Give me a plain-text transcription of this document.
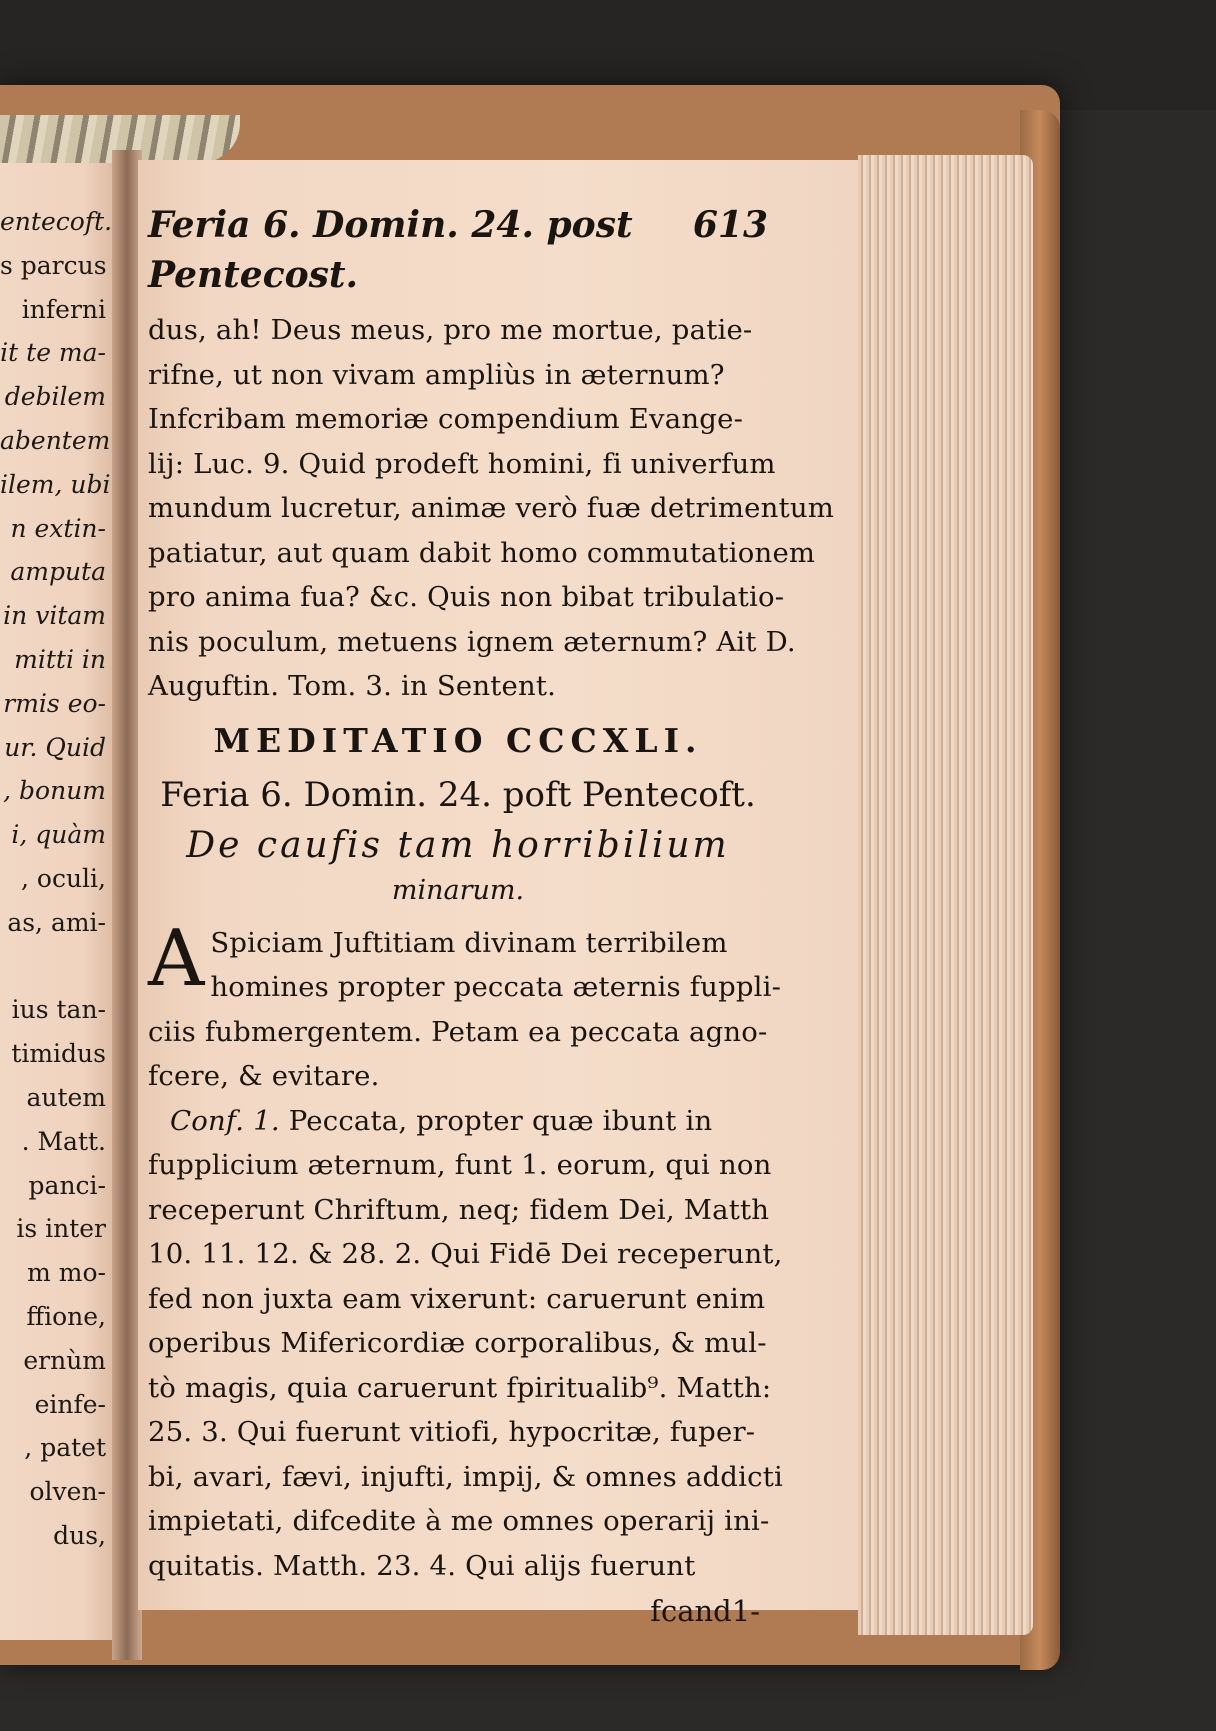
entecoft.
s parcus
inferni
it te ma-
debilem
abentem
ilem, ubi
n extin-
amputa
in vitam
mitti in
rmis eo-
ur. Quid
, bonum
i, quàm
, oculi,
as, ami-

ius tan-
timidus
autem
. Matt.
panci-
is inter
m mo-
ffione,
ernùm
einfe-
, patet
olven-
dus,
Feria 6. Domin. 24. post Pentecost.
613
dus, ah! Deus meus, pro me mortue, patie-
rifne, ut non vivam ampliùs in æternum?
Infcribam memoriæ compendium Evange-
lij: Luc. 9. Quid prodeft homini, fi univerfum
mundum lucretur, animæ verò fuæ detrimentum
patiatur, aut quam dabit homo commutationem
pro anima fua? &c. Quis non bibat tribulatio-
nis poculum, metuens ignem æternum? Ait D.
Auguftin. Tom. 3. in Sentent.
MEDITATIO CCCXLI.
Feria 6. Domin. 24. poft Pentecoft.
De caufis tam horribilium
minarum.
A Spiciam Juftitiam divinam terribilem
homines propter peccata æternis fuppli-
ciis fubmergentem. Petam ea peccata agno-
fcere, & evitare.
Conf. 1. Peccata, propter quæ ibunt in
fupplicium æternum, funt 1. eorum, qui non
receperunt Chriftum, neq; fidem Dei, Matth
10. 11. 12. & 28. 2. Qui Fidē Dei receperunt,
fed non juxta eam vixerunt: caruerunt enim
operibus Mifericordiæ corporalibus, & mul-
tò magis, quia caruerunt fpiritualib⁹. Matth:
25. 3. Qui fuerunt vitiofi, hypocritæ, fuper-
bi, avari, fævi, injufti, impij, & omnes addicti
impietati, difcedite à me omnes operarij ini-
quitatis. Matth. 23. 4. Qui alijs fuerunt
fcand1-
